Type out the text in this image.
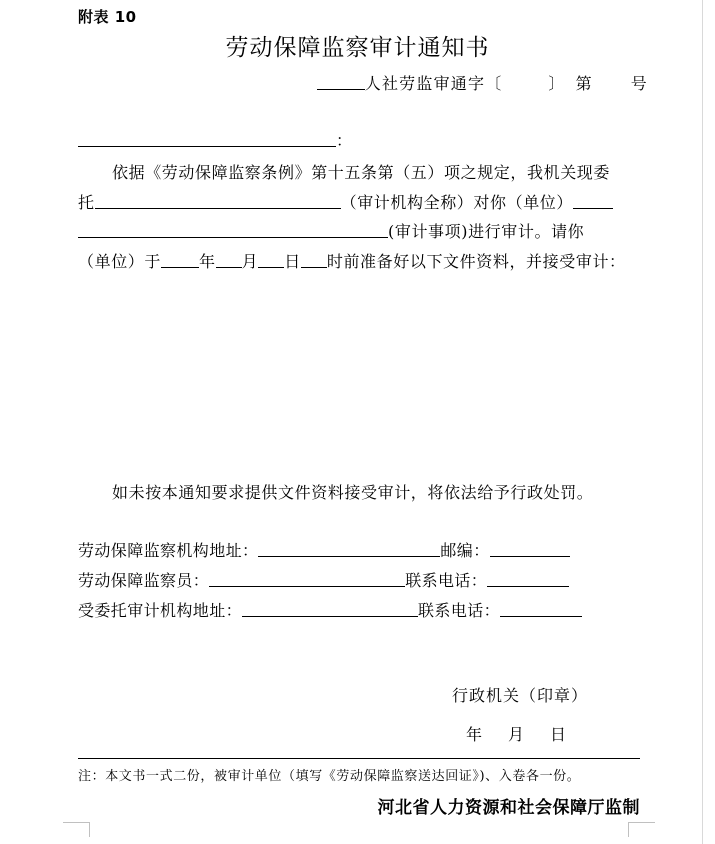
附表 10
劳动保障监察审计通知书
人社劳监审通字〔	〕 第 号
：
依据《劳动保障监察条例》第十五条第（五）项之规定，我机关现委
托	（审计机构全称）对你（单位）
(审计事项)进行审计。请你
（单位）于 年 月 日 时前准备好以下文件资料，并接受审计：
如未按本通知要求提供文件资料接受审计，将依法给予行政处罚。
劳动保障监察机构地址：	邮编：
劳动保障监察员：	联系电话：
受委托审计机构地址：	联系电话：
行政机关（印章）
年 月 日
注：本文书一式二份，被审计单位（填写《劳动保障监察送达回证》)、入卷各一份。
河北省人力资源和社会保障厅监制
